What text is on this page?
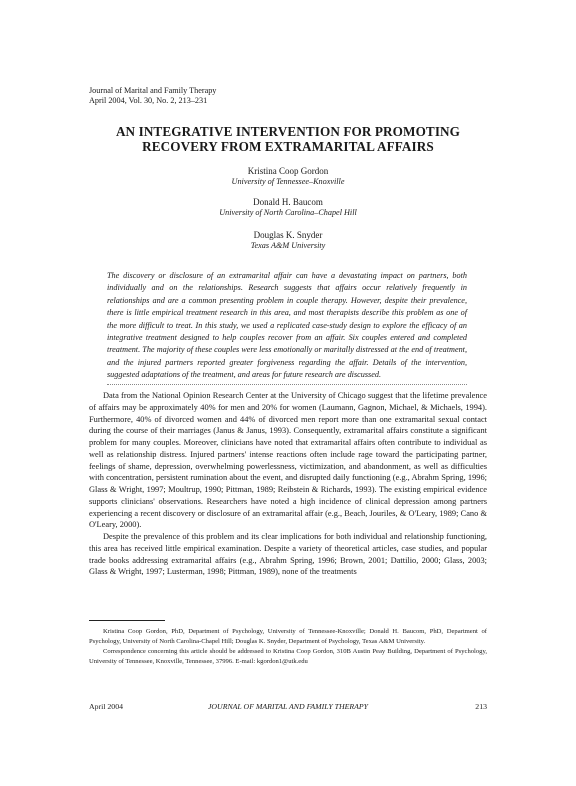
Journal of Marital and Family Therapy
April 2004, Vol. 30, No. 2, 213–231
AN INTEGRATIVE INTERVENTION FOR PROMOTING
RECOVERY FROM EXTRAMARITAL AFFAIRS
Kristina Coop Gordon
University of Tennessee–Knoxville
Donald H. Baucom
University of North Carolina–Chapel Hill
Douglas K. Snyder
Texas A&M University

The discovery or disclosure of an extramarital affair can have a devastating impact on partners, both individually and on the relationships. Research suggests that affairs occur relatively frequently in relationships and are a common presenting problem in couple therapy. However, despite their prevalence, there is little empirical treatment research in this area, and most therapists describe this problem as one of the more difficult to treat. In this study, we used a replicated case-study design to explore the efficacy of an integrative treatment designed to help couples recover from an affair. Six couples entered and completed treatment. The majority of these couples were less emotionally or maritally distressed at the end of treatment, and the injured partners reported greater forgiveness regarding the affair. Details of the intervention, suggested adaptations of the treatment, and areas for future research are discussed.

Data from the National Opinion Research Center at the University of Chicago suggest that the lifetime prevalence of affairs may be approximately 40% for men and 20% for women (Laumann, Gagnon, Michael, & Michaels, 1994). Furthermore, 40% of divorced women and 44% of divorced men report more than one extramarital sexual contact during the course of their marriages (Janus & Janus, 1993). Consequently, extramarital affairs constitute a significant problem for many couples. Moreover, clinicians have noted that extramarital affairs often contribute to individual as well as relationship distress. Injured partners' intense reactions often include rage toward the participating partner, feelings of shame, depression, overwhelming powerlessness, victimization, and abandonment, as well as difficulties with concentration, persistent rumination about the event, and disrupted daily functioning (e.g., Abrahm Spring, 1996; Glass & Wright, 1997; Moultrup, 1990; Pittman, 1989; Reibstein & Richards, 1993). The existing empirical evidence supports clinicians' observations. Researchers have noted a high incidence of clinical depression among partners experiencing a recent discovery or disclosure of an extramarital affair (e.g., Beach, Jouriles, & O'Leary, 1989; Cano & O'Leary, 2000).

Despite the prevalence of this problem and its clear implications for both individual and relationship functioning, this area has received little empirical examination. Despite a variety of theoretical articles, case studies, and popular trade books addressing extramarital affairs (e.g., Abrahm Spring, 1996; Brown, 2001; Dattilio, 2000; Glass, 2003; Glass & Wright, 1997; Lusterman, 1998; Pittman, 1989), none of the treatments

Kristina Coop Gordon, PhD, Department of Psychology, University of Tennessee-Knoxville; Donald H. Baucom, PhD, Department of Psychology, University of North Carolina-Chapel Hill; Douglas K. Snyder, Department of Psychology, Texas A&M University.

Correspondence concerning this article should be addressed to Kristina Coop Gordon, 310B Austin Peay Building, Department of Psychology, University of Tennessee, Knoxville, Tennessee, 37996. E-mail: kgordon1@utk.edu

April 2004	JOURNAL OF MARITAL AND FAMILY THERAPY	213
